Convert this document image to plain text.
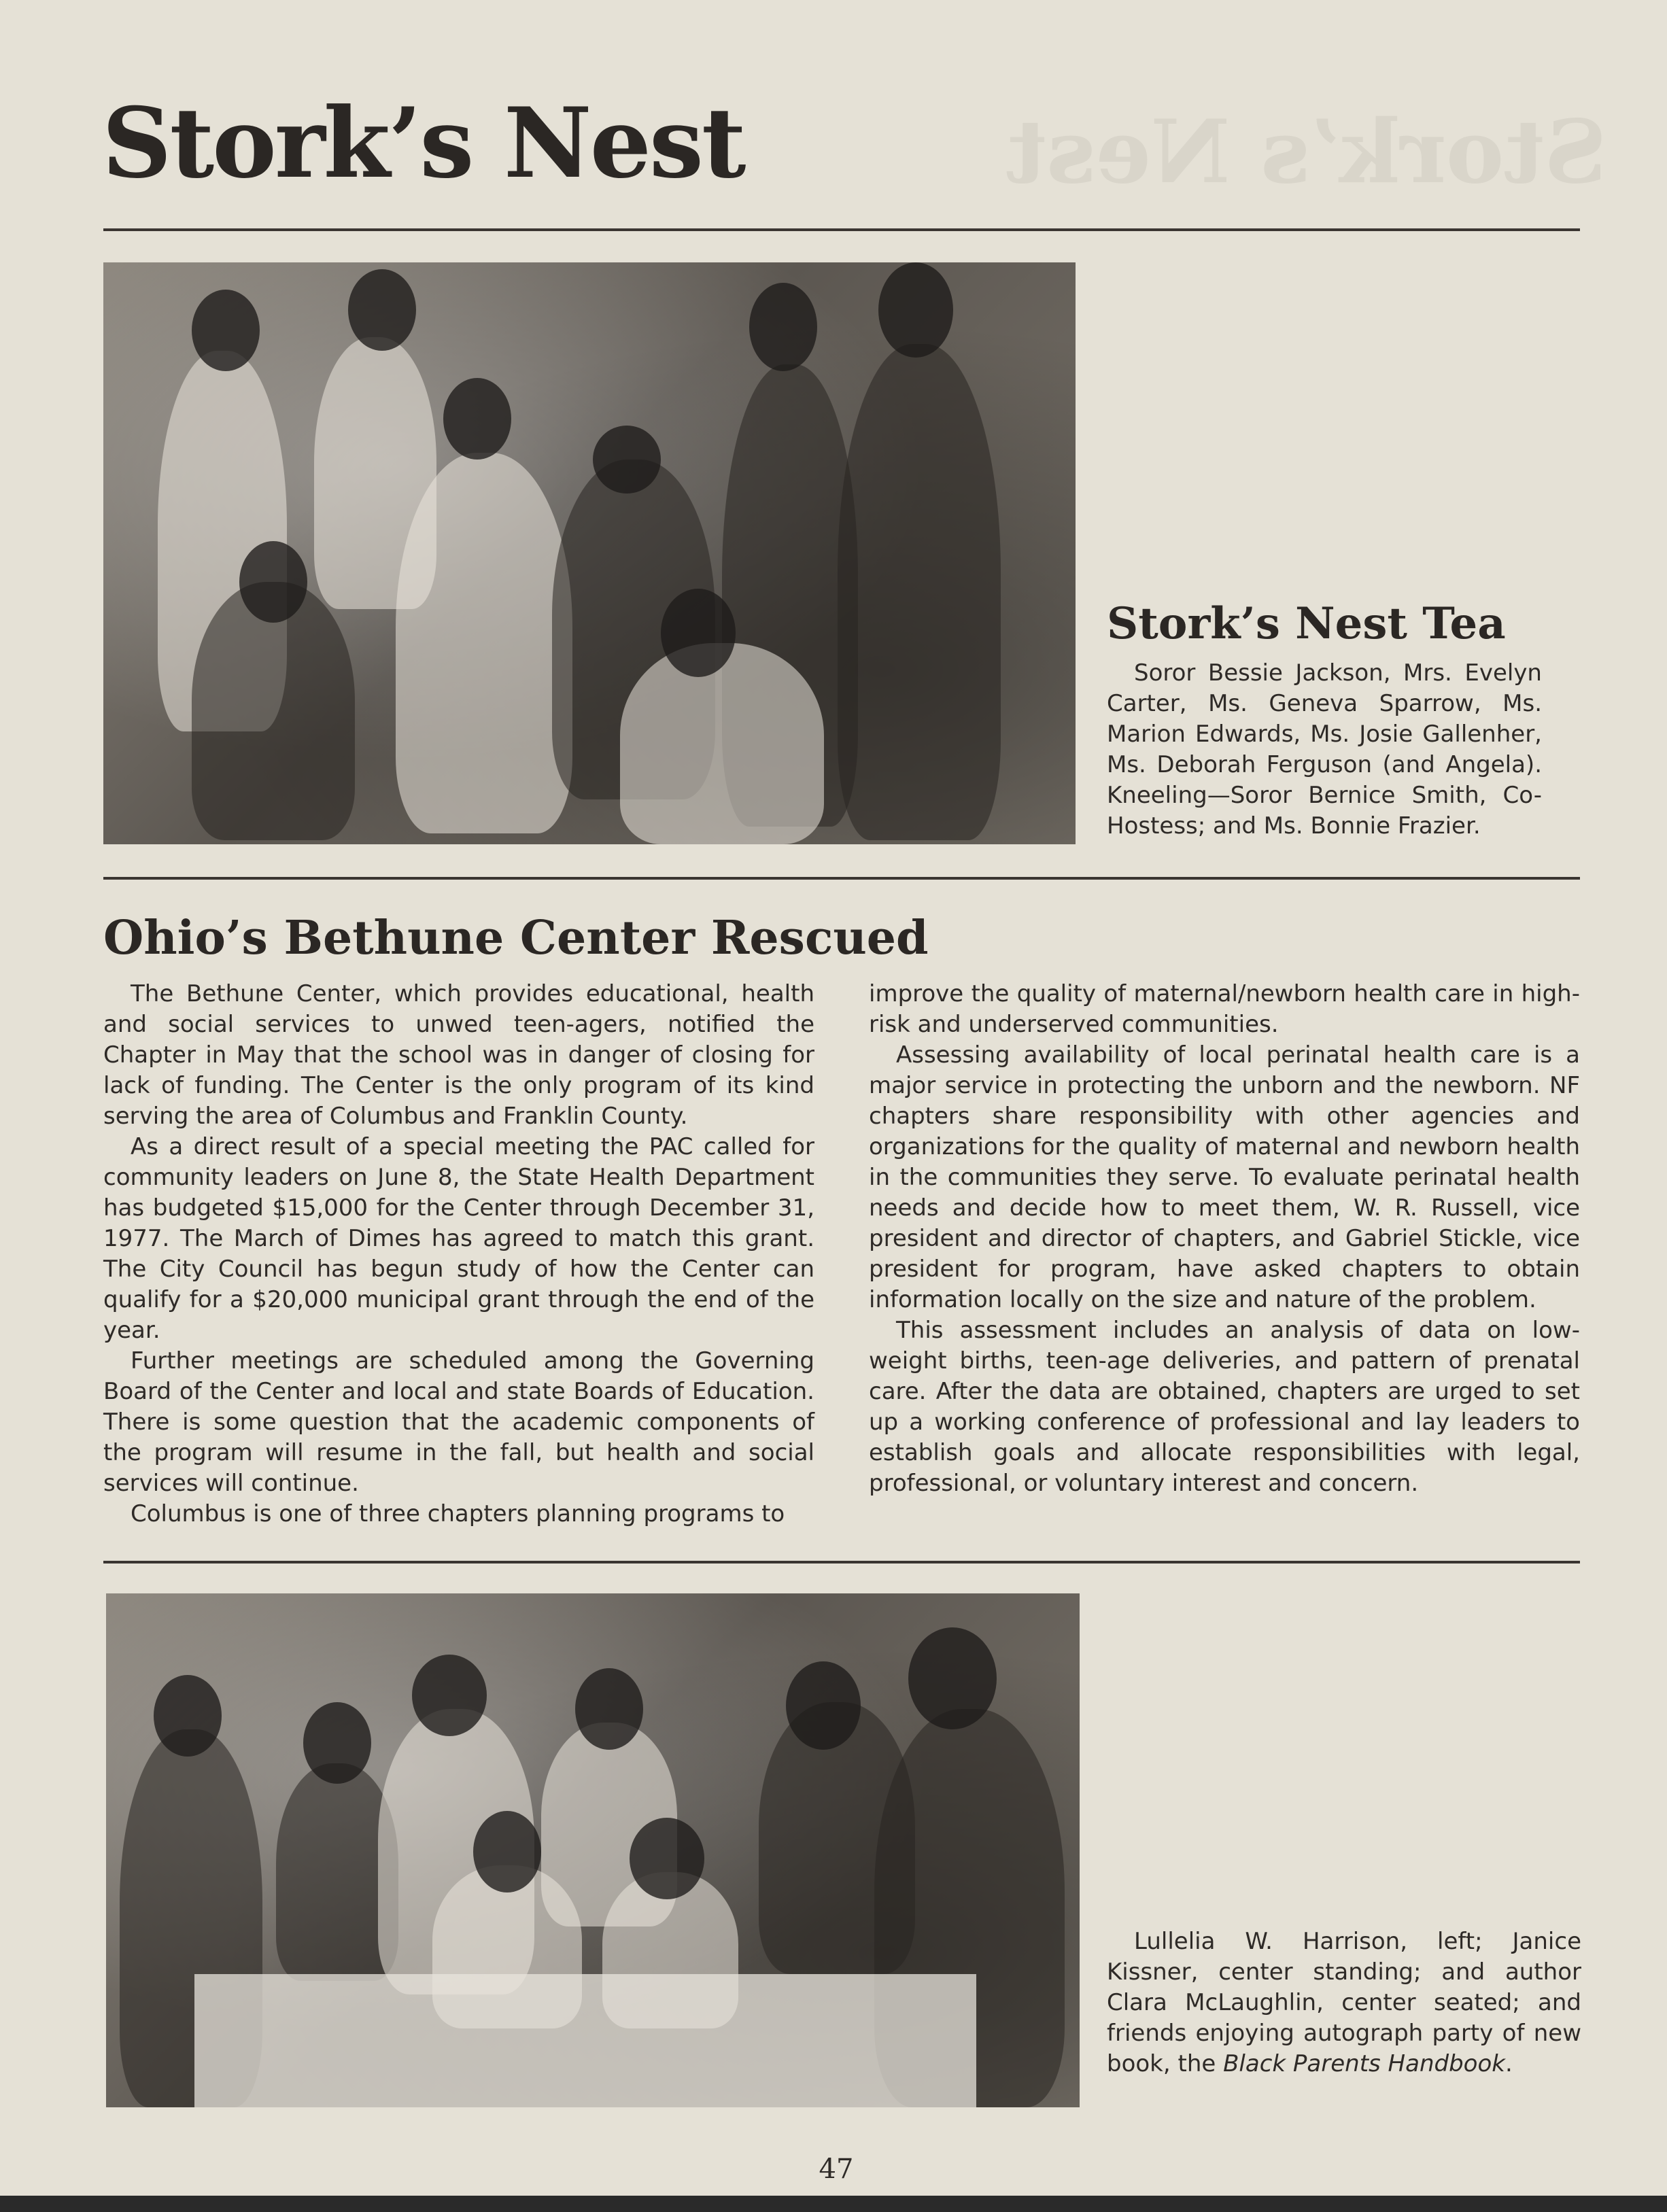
Stork’s Nest
Stork’s Nest
Stork’s Nest Tea
Soror Bessie Jackson, Mrs. Evelyn Carter, Ms. Geneva Sparrow, Ms. Marion Edwards, Ms. Josie Gallenher, Ms. Deborah Ferguson (and Angela). Kneeling—Soror Bernice Smith, Co-Hostess; and Ms. Bonnie Frazier.
Ohio’s Bethune Center Rescued

The Bethune Center, which provides educational, health and social services to unwed teen-agers, notified the Chapter in May that the school was in danger of closing for lack of funding. The Center is the only program of its kind serving the area of Columbus and Franklin County.

As a direct result of a special meeting the PAC called for community leaders on June 8, the State Health Department has budgeted $15,000 for the Center through December 31, 1977. The March of Dimes has agreed to match this grant. The City Council has begun study of how the Center can qualify for a $20,000 municipal grant through the end of the year.

Further meetings are scheduled among the Governing Board of the Center and local and state Boards of Education. There is some question that the academic components of the program will resume in the fall, but health and social services will continue.

Columbus is one of three chapters planning programs to

improve the quality of maternal/newborn health care in high-risk and underserved communities.

Assessing availability of local perinatal health care is a major service in protecting the unborn and the newborn. NF chapters share responsibility with other agencies and organizations for the quality of maternal and newborn health in the communities they serve. To evaluate perinatal health needs and decide how to meet them, W. R. Russell, vice president and director of chapters, and Gabriel Stickle, vice president for program, have asked chapters to obtain information locally on the size and nature of the problem.

This assessment includes an analysis of data on low-weight births, teen-age deliveries, and pattern of prenatal care. After the data are obtained, chapters are urged to set up a working conference of professional and lay leaders to establish goals and allocate responsibilities with legal, professional, or voluntary interest and concern.

Lullelia W. Harrison, left; Janice Kissner, center standing; and author Clara McLaughlin, center seated; and friends enjoying autograph party of new book, the Black Parents Handbook.
47
